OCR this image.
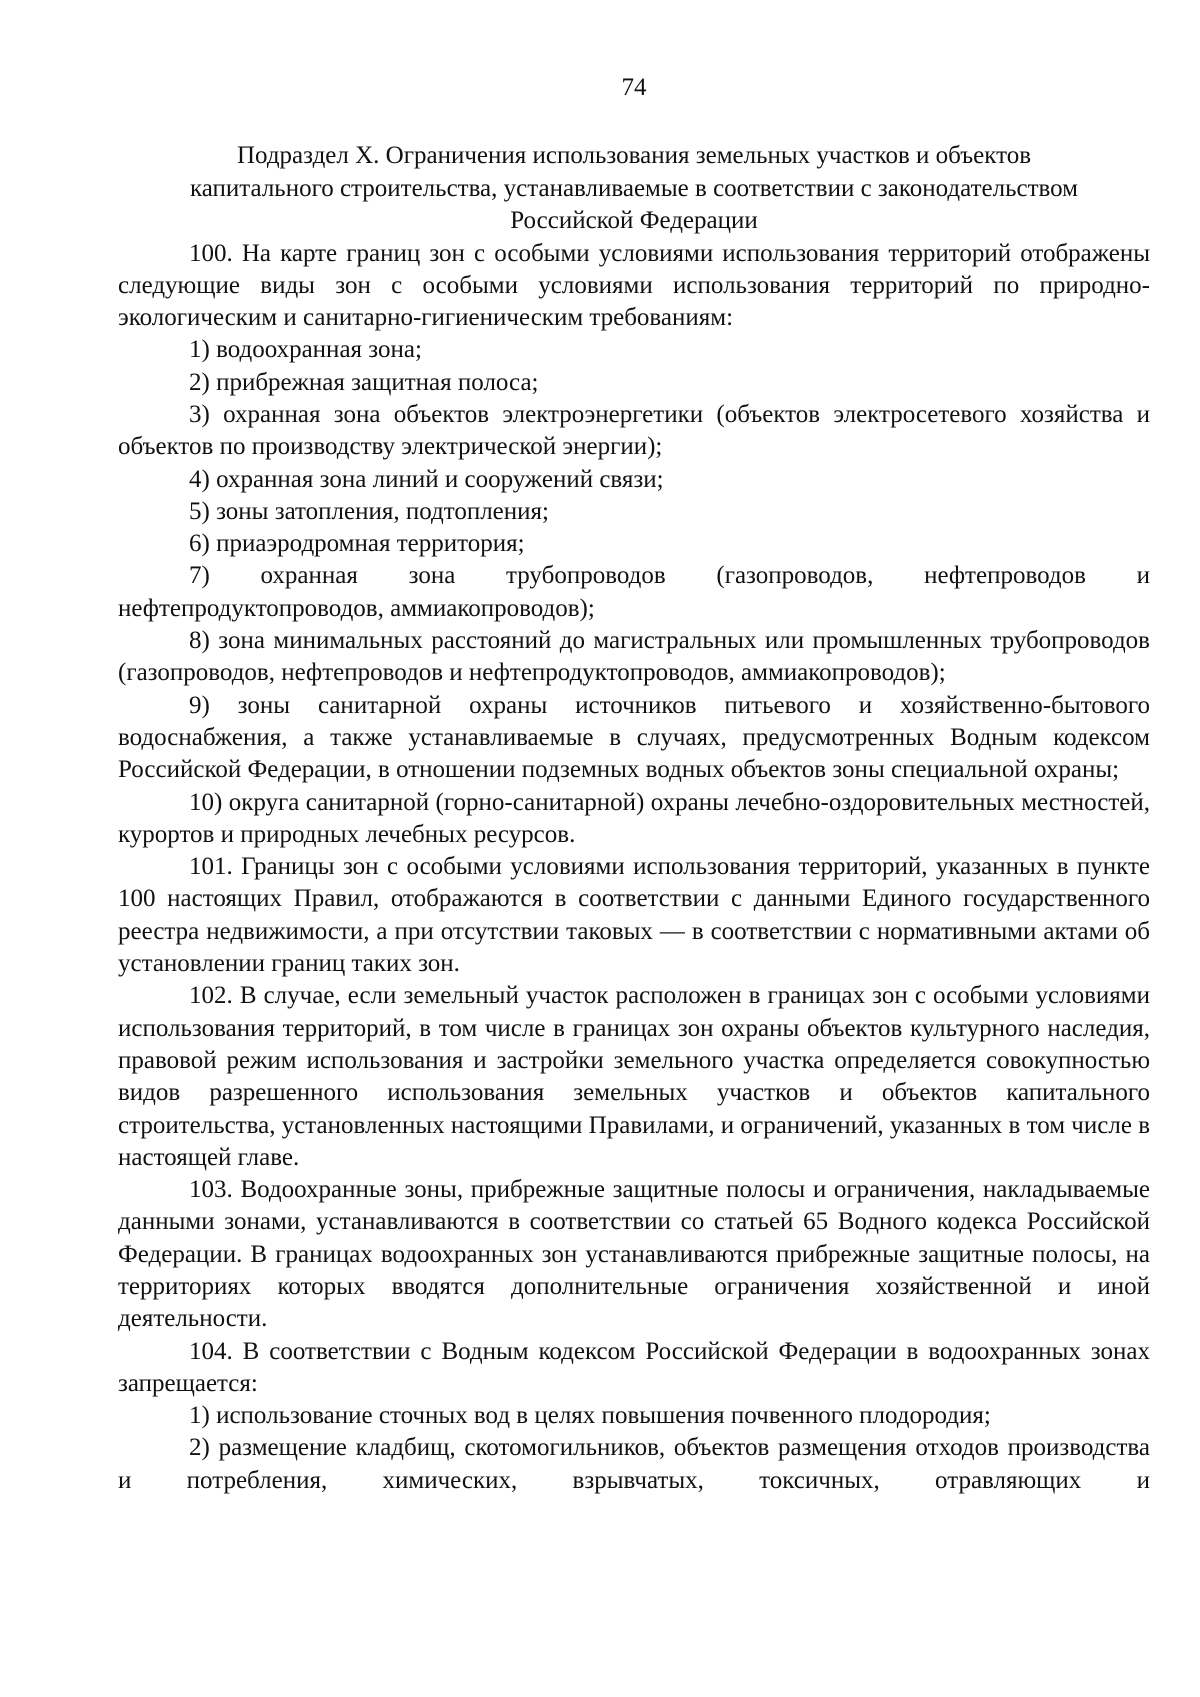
74
Подраздел X. Ограничения использования земельных участков и объектов
капитального строительства, устанавливаемые в соответствии с законодательством
Российской Федерации

100. На карте границ зон с особыми условиями использования территорий отображены следующие виды зон с особыми условиями использования территорий по природно-экологическим и санитарно-гигиеническим требованиям:

1) водоохранная зона;

2) прибрежная защитная полоса;

3) охранная зона объектов электроэнергетики (объектов электросетевого хозяйства и объектов по производству электрической энергии);

4) охранная зона линий и сооружений связи;

5) зоны затопления, подтопления;

6) приаэродромная территория;

7) охранная зона трубопроводов (газопроводов, нефтепроводов и нефтепродуктопроводов, аммиакопроводов);

8) зона минимальных расстояний до магистральных или промышленных трубопроводов (газопроводов, нефтепроводов и нефтепродуктопроводов, аммиакопроводов);

9) зоны санитарной охраны источников питьевого и хозяйственно-бытового водоснабжения, а также устанавливаемые в случаях, предусмотренных Водным кодексом Российской Федерации, в отношении подземных водных объектов зоны специальной охраны;

10) округа санитарной (горно-санитарной) охраны лечебно-оздоровительных местностей, курортов и природных лечебных ресурсов.

101. Границы зон с особыми условиями использования территорий, указанных в пункте 100 настоящих Правил, отображаются в соответствии с данными Единого государственного реестра недвижимости, а при отсутствии таковых — в соответствии с нормативными актами об установлении границ таких зон.

102. В случае, если земельный участок расположен в границах зон с особыми условиями использования территорий, в том числе в границах зон охраны объектов культурного наследия, правовой режим использования и застройки земельного участка определяется совокупностью видов разрешенного использования земельных участков и объектов капитального строительства, установленных настоящими Правилами, и ограничений, указанных в том числе в настоящей главе.

103. Водоохранные зоны, прибрежные защитные полосы и ограничения, накладываемые данными зонами, устанавливаются в соответствии со статьей 65 Водного кодекса Российской Федерации. В границах водоохранных зон устанавливаются прибрежные защитные полосы, на территориях которых вводятся дополнительные ограничения хозяйственной и иной деятельности.

104. В соответствии с Водным кодексом Российской Федерации в водоохранных зонах запрещается:

1) использование сточных вод в целях повышения почвенного плодородия;

2) размещение кладбищ, скотомогильников, объектов размещения отходов производства и потребления, химических, взрывчатых, токсичных, отравляющих и
